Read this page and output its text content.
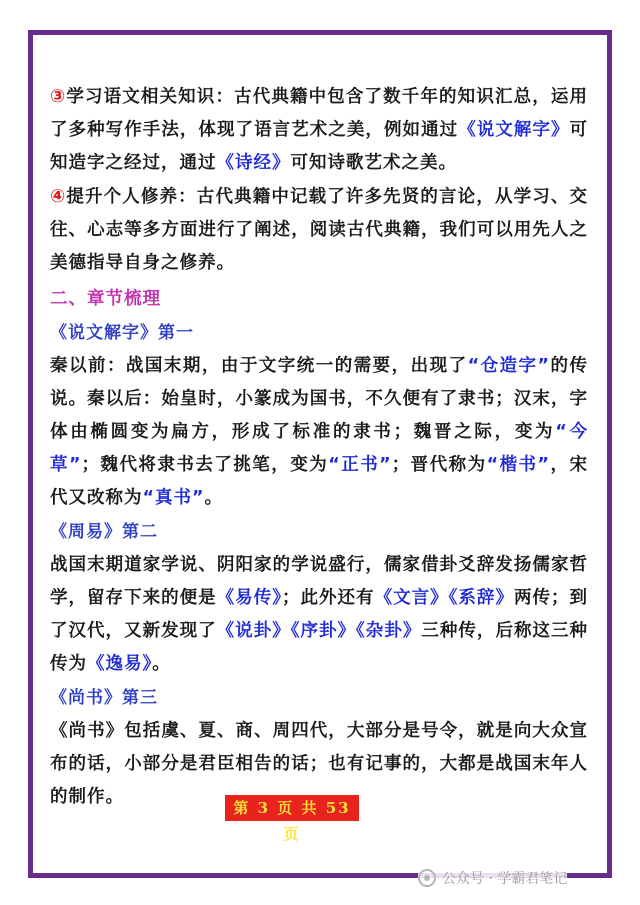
③学习语文相关知识：古代典籍中包含了数千年的知识汇总，运用了多种写作手法，体现了语言艺术之美，例如通过《说文解字》可知造字之经过，通过《诗经》可知诗歌艺术之美。

④提升个人修养：古代典籍中记载了许多先贤的言论，从学习、交往、心志等多方面进行了阐述，阅读古代典籍，我们可以用先人之美德指导自身之修养。

二、章节梳理
《说文解字》第一

秦以前：战国末期，由于文字统一的需要，出现了“仓造字”的传说。秦以后：始皇时，小篆成为国书，不久便有了隶书；汉末，字体由椭圆变为扁方，形成了标准的隶书；魏晋之际，变为“今草”；魏代将隶书去了挑笔，变为“正书”；晋代称为“楷书”，宋代又改称为“真书”。

《周易》第二

战国末期道家学说、阴阳家的学说盛行，儒家借卦爻辞发扬儒家哲学，留存下来的便是《易传》；此外还有《文言》《系辞》两传；到了汉代，又新发现了《说卦》《序卦》《杂卦》三种传，后称这三种传为《逸易》。

《尚书》第三

《尚书》包括虞、夏、商、周四代，大部分是号令，就是向大众宣布的话，小部分是君臣相告的话；也有记事的，大都是战国末年人的制作。

第 3 页 共 53 页
公众号 · 学霸君笔记
